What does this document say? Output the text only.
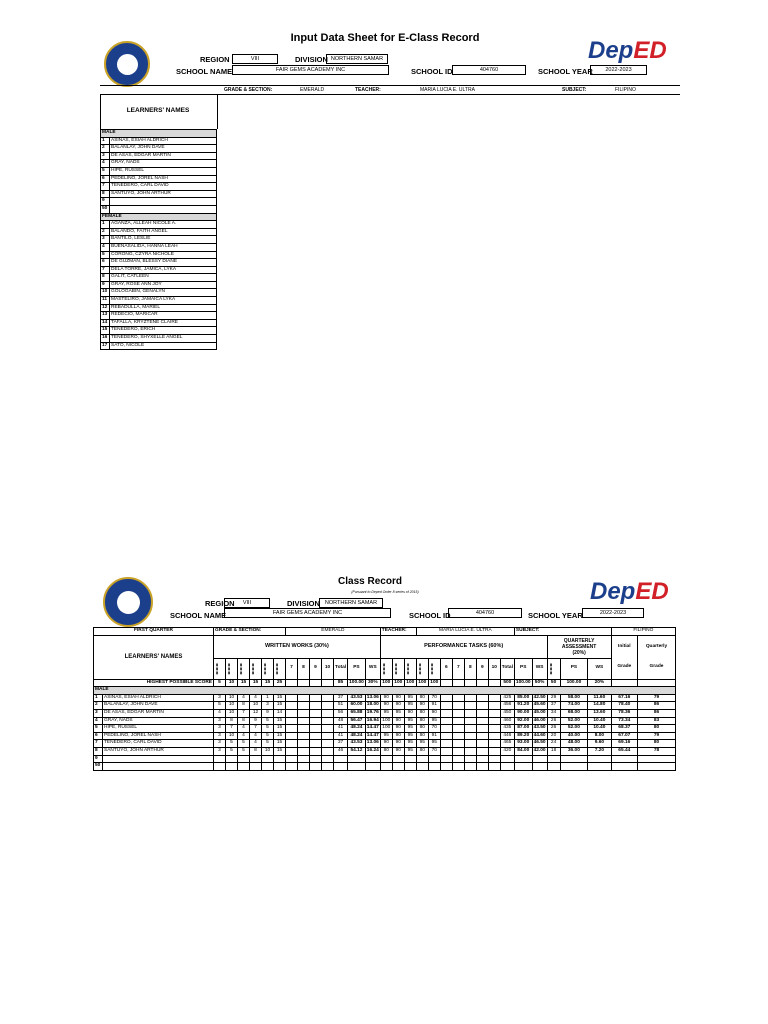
Input Data Sheet for E-Class Record	DepED
REGION	VIII	DIVISION NORTHERN SAMAR
SCHOOL NAME	FAIR GEMS ACADEMY INC	SCHOOL ID	404760	SCHOOL YEAR	2022-2023
GRADE & SECTION:	EMERALD	TEACHER:	MARIA LUCIA E. ULTRA	SUBJECT:	FILIPINO
LEARNERS' NAMES
MALE	
1	ASINAS, ESIAH ALDRICH
2	BALANLAY, JOHN DAVE
3	DE ASAS, EDGAR MARTIN
4	GRAY, NADS
5	HIPE, RUSSEL
6	PEDELINO, JOREL NASH
7	TENEDERO, CARL DAVID
8	SANTUYO, JOHN ARTHUR
9	
50	
FEMALE	
1	AGANZA, ALLEAH NICOLE A.
2	BALANDO, FAITH ANGEL
3	BANTILO, LESLIE
4	BUENASALIDA, HANNA LEAH
5	CORONG, CZYRA NICHOLE
6	DE GUZMAN, BLESSY DIANE
7	DELA TORRE, JAMICA, LYKA
8	GALIT, CATLEEN
9	GRAY, ROSE ANN JOY
10	GOLOGABIN, GENALYN
11	MASTELIRO, JAMAICA LYKA
12	REBADULLA, MARIEL
13	REDECIO, MARICAR
14	TAFALLA, KRYZTENE CLAIRE
15	TENEDERO, ERICH
16	TENEDERO, SHYXELLE ANGEL
17	SATO, NICOLE
Class Record
(Pursuant to Deped Order 8 series of 2015)	DepED
REGION	VIII	DIVISION NORTHERN SAMAR
SCHOOL NAME	FAIR GEMS ACADEMY INC	SCHOOL ID	404760	SCHOOL YEAR	2022-2023
FIRST QUARTER		GRADE & SECTION:						EMERALD							TEACHER:			MARIA LUCIA E. ULTRA								SUBJECT:					FILIPINO	
LEARNERS' NAMES		WRITTEN WORKS (30%)													PERFORMANCE TASKS (60%)													QUARTERLY
ASSESSMENT
(20%)			Initial
Grade	Quarterly
Grade

		▮▮▮	▮▮▮	▮▮▮	▮▮▮	▮▮▮	▮▮▮	7	8	9	10	Total	PS	WS	▮▮▮	▮▮▮	▮▮▮	▮▮▮	▮▮▮	6	7	8	9	10	Total	PS	WS	▮▮▮	PS	WS		
HIGHEST POSSIBLE SCORE		5	10	15	15	15	25					85	100.00	30%	100	100	100	100	100						500	100.00	50%	50	100.00	20%		
MALE																																
1	ASINAS, ESIAH ALDRICH	3	10	4	4	1	15					37	43.53	13.06	90	90	95	80	70						425	85.00	42.50	29	58.00	11.60	67.16	79
2	BALANLAY, JOHN DAVE	5	10	8	10	3	15					51	60.00	18.00	90	90	95	90	91						456	91.20	45.60	37	74.00	14.80	78.40	86
3	DE ASAS, EDGAR MARTIN	4	10	7	12	9	14					56	65.88	19.76	95	95	90	80	90						450	90.00	45.00	34	68.00	13.60	78.36	86
4	GRAY, NADS	3	8	8	9	5	15					48	56.47	16.94	100	90	95	80	95						460	92.00	46.00	26	52.00	10.40	73.34	83
5	HIPE, RUSSEL	3	7	4	7	5	15					41	48.24	14.47	100	90	95	80	70						435	87.00	43.50	26	52.00	10.40	68.37	80
6	PEDELINO, JOREL NASH	3	10	4	4	5	15					41	48.24	14.47	95	90	95	80	91						446	89.20	44.60	20	40.00	8.00	67.07	79
7	TENEDERO, CARL DAVID	3	5	5	4	5	15					37	43.53	13.06	90	90	95	95	95						465	93.00	46.50	24	48.00	9.60	69.16	80
8	SANTUYO, JOHN ARTHUR	3	5	5	8	10	15					46	54.12	16.24	80	90	95	80	70						420	84.00	42.00	18	36.00	7.20	65.44	78
9																																
50																																
